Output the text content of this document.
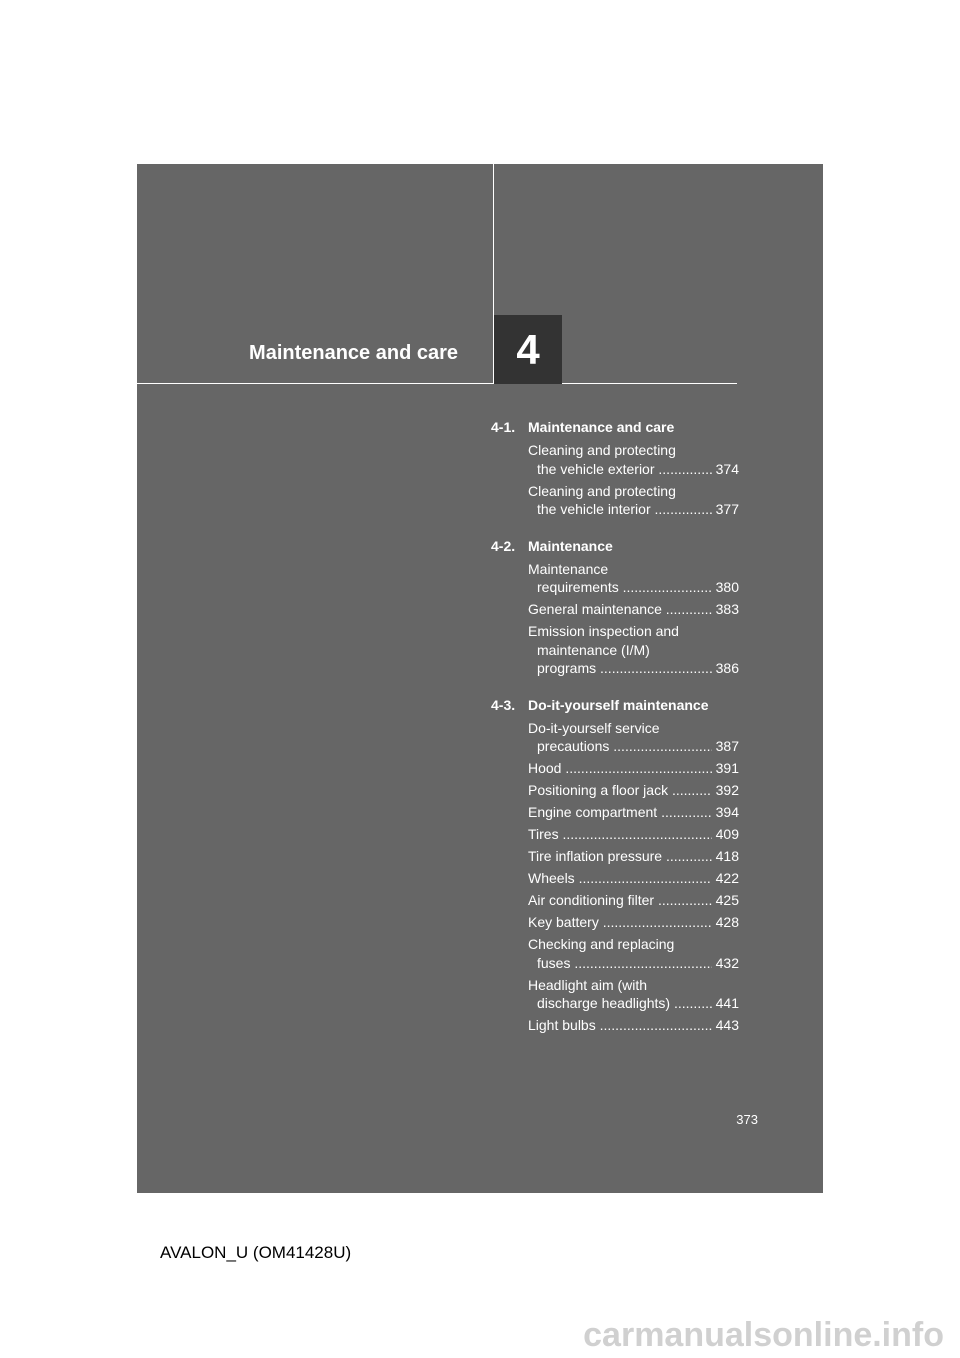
Maintenance and care 4
4-1. Maintenance and care
Cleaning and protecting
the vehicle exterior .....	374
Cleaning and protecting
the vehicle interior .....	377
4-2. Maintenance
Maintenance
requirements .....	380
General maintenance .....	383
Emission inspection and
maintenance (I/M)
programs .....	386
4-3. Do-it-yourself maintenance
Do-it-yourself service
precautions .....	387
Hood .....	391
Positioning a floor jack .....	392
Engine compartment .....	394
Tires .....	409
Tire inflation pressure .....	418
Wheels .....	422
Air conditioning filter .....	425
Key battery .....	428
Checking and replacing
fuses .....	432
Headlight aim (with
discharge headlights) .....	441
Light bulbs .....	443
373
AVALON_U (OM41428U)
carmanualsonline.info
